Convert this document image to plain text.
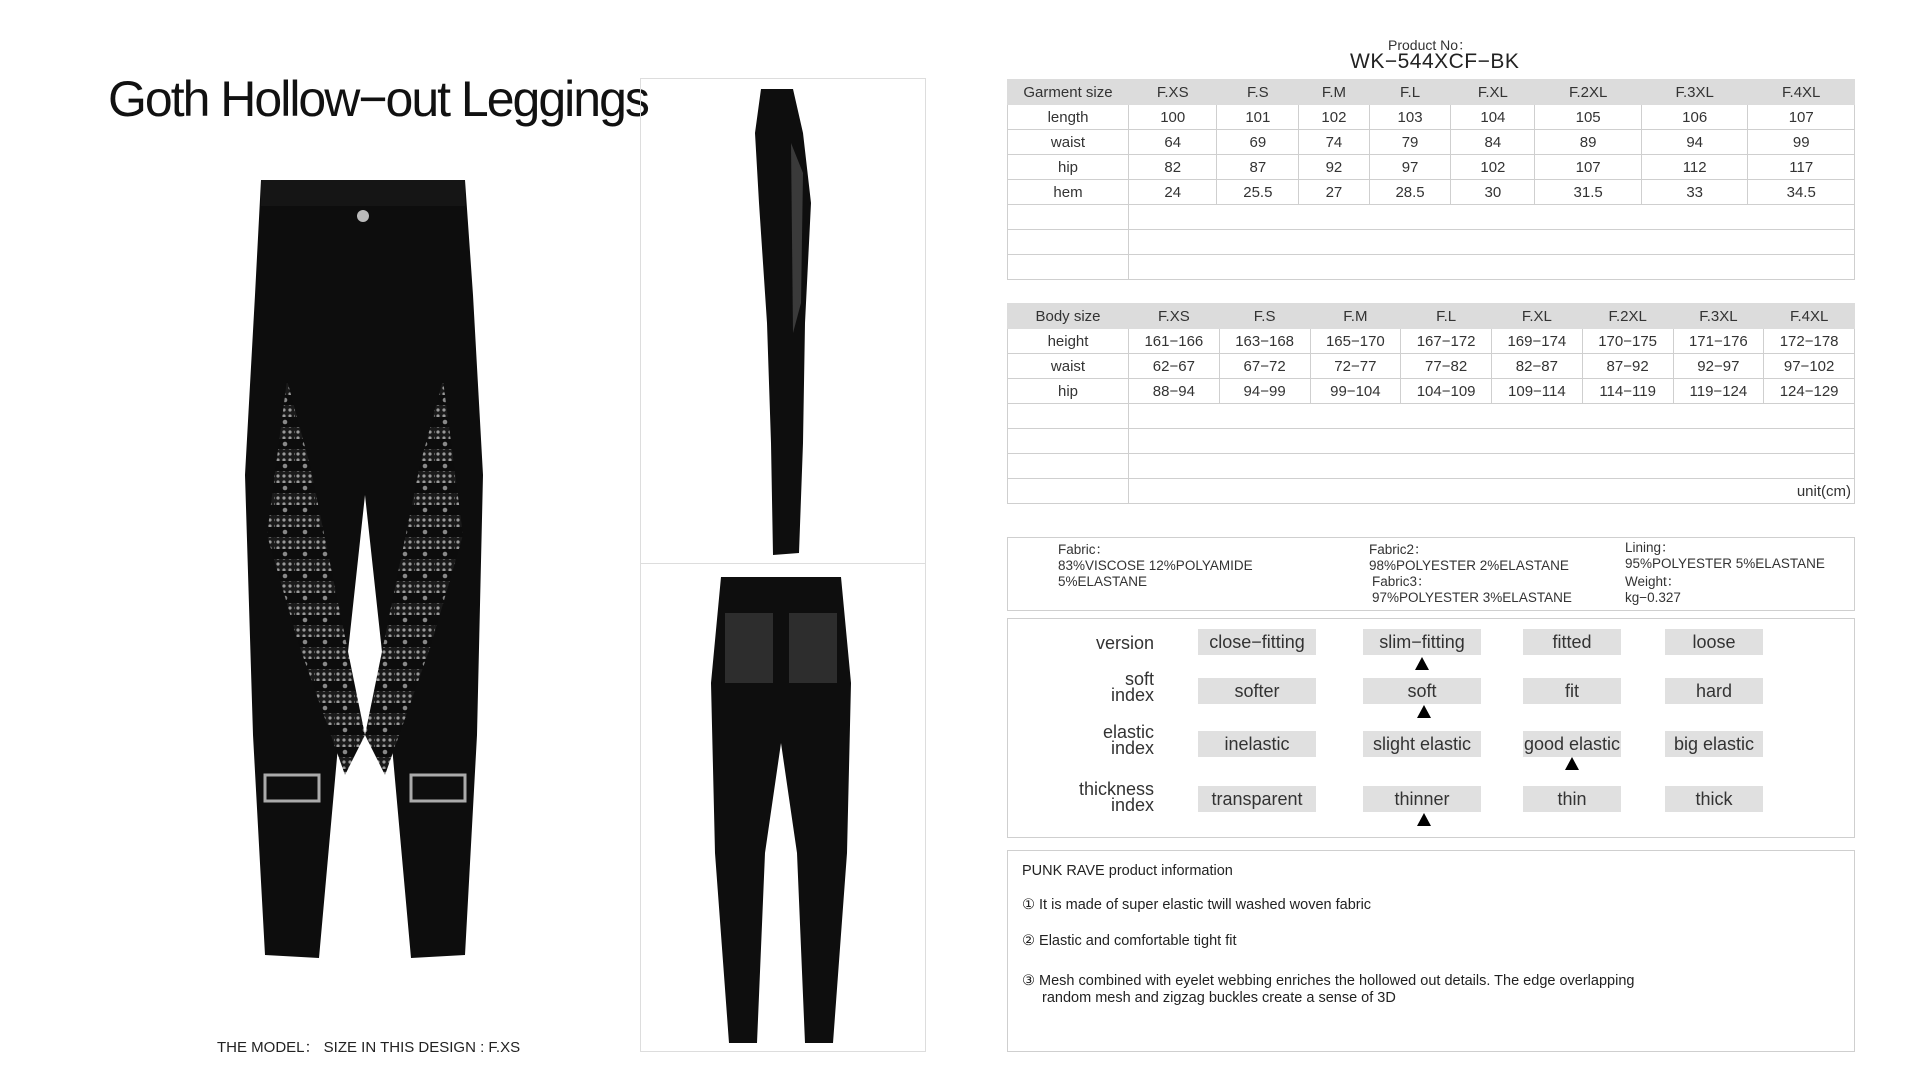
Goth Hollow−out Leggings
THE MODEL： SIZE IN THIS DESIGN : F.XS
Product No：
WK−544XCF−BK
Garment size	F.XS	F.S	F.M	F.L	F.XL	F.2XL	F.3XL	F.4XL
length	100	101	102	103	104	105	106	107
waist	64	69	74	79	84	89	94	99
hip	82	87	92	97	102	107	112	117
hem	24	25.5	27	28.5	30	31.5	33	34.5

Body size	F.XS	F.S	F.M	F.L	F.XL	F.2XL	F.3XL	F.4XL
height	161−166	163−168	165−170	167−172	169−174	170−175	171−176	172−178
waist	62−67	67−72	72−77	77−82	82−87	87−92	92−97	97−102
hip	88−94	94−99	99−104	104−109	109−114	114−119	119−124	124−129

	unit(cm)							
Fabric：
83%VISCOSE 12%POLYAMIDE
5%ELASTANE
Fabric2：
98%POLYESTER 2%ELASTANE
Fabric3：
97%POLYESTER 3%ELASTANE
Lining：
95%POLYESTER 5%ELASTANE
Weight：
kg−0.327
version	close−fitting	slim−fitting	fitted	loose
soft
index	softer	soft	fit	hard
elastic
index	inelastic	slight elastic	good elastic	big elastic
thickness
index	transparent	thinner	thin	thick
PUNK RAVE product information
① It is made of super elastic twill washed woven fabric
② Elastic and comfortable tight fit
③ Mesh combined with eyelet webbing enriches the hollowed out details. The edge overlapping
random mesh and zigzag buckles create a sense of 3D
